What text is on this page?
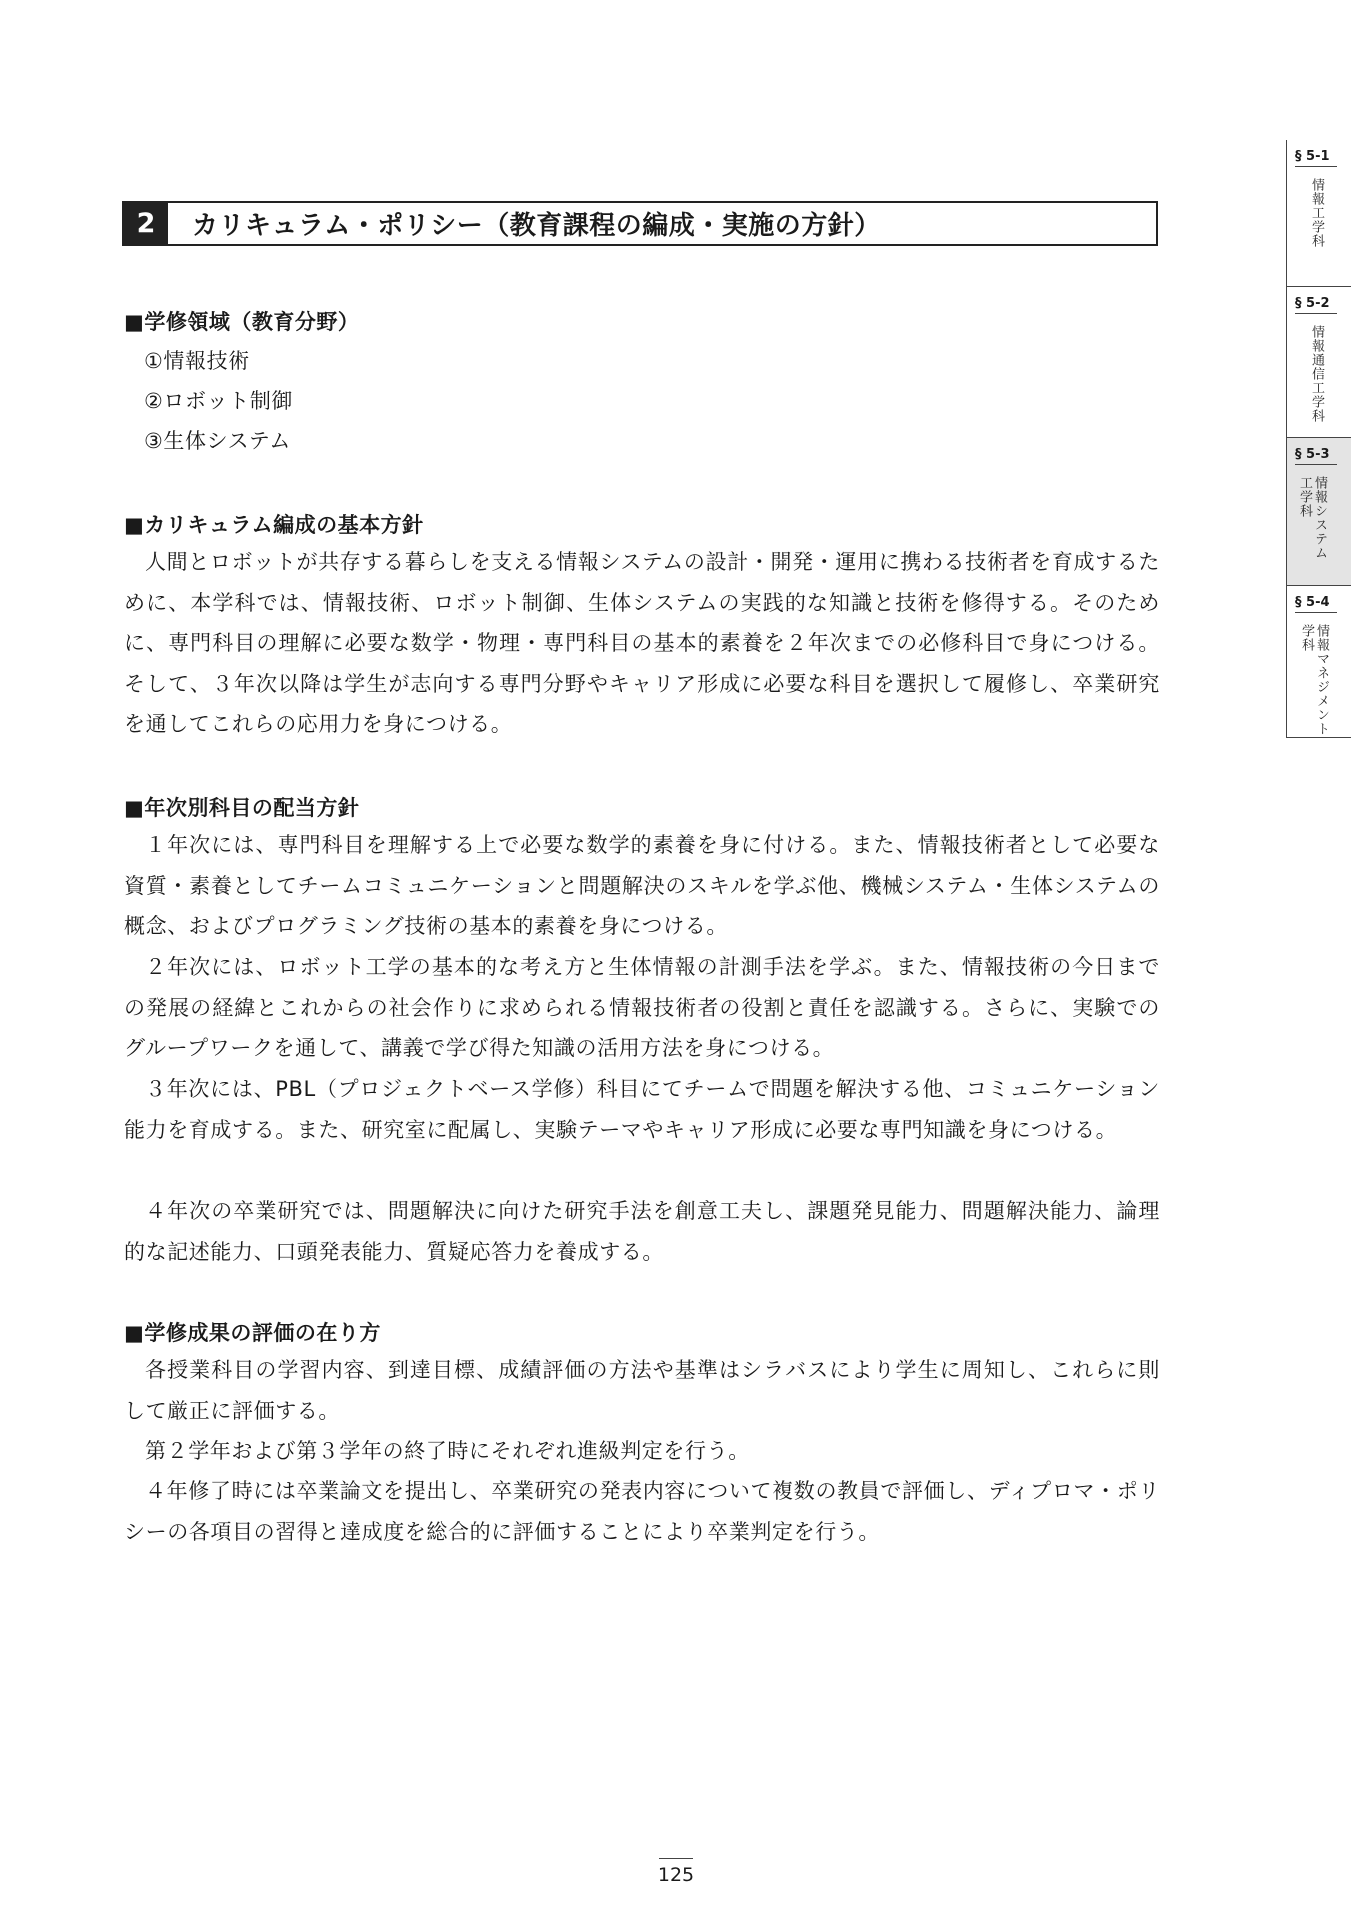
2	カリキュラム・ポリシー（教育課程の編成・実施の方針）
■学修領域（教育分野）
①情報技術
②ロボット制御
③生体システム
■カリキュラム編成の基本方針

人間とロボットが共存する暮らしを支える情報システムの設計・開発・運用に携わる技術者を育成するために、本学科では、情報技術、ロボット制御、生体システムの実践的な知識と技術を修得する。そのために、専門科目の理解に必要な数学・物理・専門科目の基本的素養を２年次までの必修科目で身につける。そして、３年次以降は学生が志向する専門分野やキャリア形成に必要な科目を選択して履修し、卒業研究を通してこれらの応用力を身につける。

■年次別科目の配当方針

１年次には、専門科目を理解する上で必要な数学的素養を身に付ける。また、情報技術者として必要な資質・素養としてチームコミュニケーションと問題解決のスキルを学ぶ他、機械システム・生体システムの概念、およびプログラミング技術の基本的素養を身につける。

２年次には、ロボット工学の基本的な考え方と生体情報の計測手法を学ぶ。また、情報技術の今日までの発展の経緯とこれからの社会作りに求められる情報技術者の役割と責任を認識する。さらに、実験でのグループワークを通して、講義で学び得た知識の活用方法を身につける。

３年次には、PBL（プロジェクトベース学修）科目にてチームで問題を解決する他、コミュニケーション能力を育成する。また、研究室に配属し、実験テーマやキャリア形成に必要な専門知識を身につける。

４年次の卒業研究では、問題解決に向けた研究手法を創意工夫し、課題発見能力、問題解決能力、論理的な記述能力、口頭発表能力、質疑応答力を養成する。

■学修成果の評価の在り方

各授業科目の学習内容、到達目標、成績評価の方法や基準はシラバスにより学生に周知し、これらに則して厳正に評価する。

第２学年および第３学年の終了時にそれぞれ進級判定を行う。

４年修了時には卒業論文を提出し、卒業研究の発表内容について複数の教員で評価し、ディプロマ・ポリシーの各項目の習得と達成度を総合的に評価することにより卒業判定を行う。

§ 5-1
情報工学科
§ 5-2
情報通信工学科
§ 5-3
情報システム工学科
§ 5-4
情報マネジメント学科
125
